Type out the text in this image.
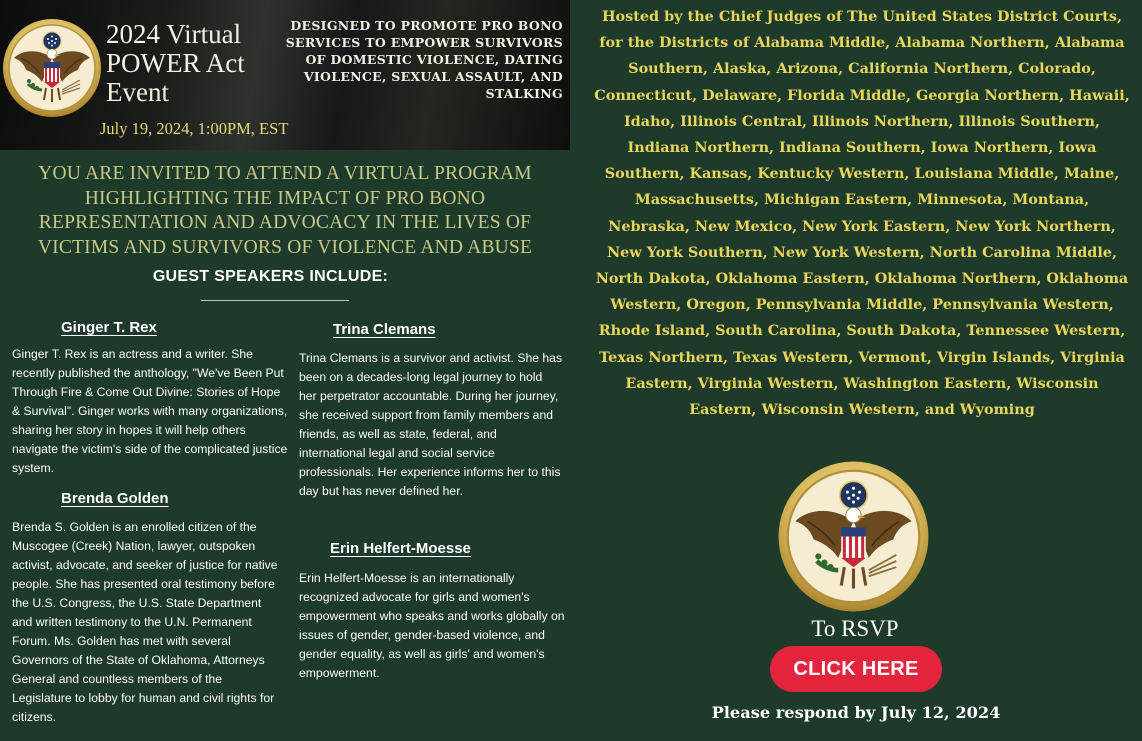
2024 Virtual POWER Act Event
July 19, 2024, 1:00PM, EST
DESIGNED TO PROMOTE PRO BONO SERVICES TO EMPOWER SURVIVORS OF DOMESTIC VIOLENCE, DATING VIOLENCE, SEXUAL ASSAULT, AND STALKING
YOU ARE INVITED TO ATTEND A VIRTUAL PROGRAM HIGHLIGHTING THE IMPACT OF PRO BONO REPRESENTATION AND ADVOCACY IN THE LIVES OF VICTIMS AND SURVIVORS OF VIOLENCE AND ABUSE
GUEST SPEAKERS INCLUDE:
Ginger T. Rex
Ginger T. Rex is an actress and a writer. She recently published the anthology, "We've Been Put Through Fire & Come Out Divine: Stories of Hope & Survival". Ginger works with many organizations, sharing her story in hopes it will help others navigate the victim's side of the complicated justice system.
Brenda Golden
Brenda S. Golden is an enrolled citizen of the Muscogee (Creek) Nation, lawyer, outspoken activist, advocate, and seeker of justice for native people. She has presented oral testimony before the U.S. Congress, the U.S. State Department and written testimony to the U.N. Permanent Forum. Ms. Golden has met with several Governors of the State of Oklahoma, Attorneys General and countless members of the Legislature to lobby for human and civil rights for citizens.
Trina Clemans
Trina Clemans is a survivor and activist. She has been on a decades-long legal journey to hold her perpetrator accountable. During her journey, she received support from family members and friends, as well as state, federal, and international legal and social service professionals. Her experience informs her to this day but has never defined her.
Erin Helfert-Moesse
Erin Helfert-Moesse is an internationally recognized advocate for girls and women's empowerment who speaks and works globally on issues of gender, gender-based violence, and gender equality, as well as girls' and women's empowerment.
Hosted by the Chief Judges of The United States District Courts, for the Districts of Alabama Middle, Alabama Northern, Alabama Southern, Alaska, Arizona, California Northern, Colorado, Connecticut, Delaware, Florida Middle, Georgia Northern, Hawaii, Idaho, Illinois Central, Illinois Northern, Illinois Southern, Indiana Northern, Indiana Southern, Iowa Northern, Iowa Southern, Kansas, Kentucky Western, Louisiana Middle, Maine, Massachusetts, Michigan Eastern, Minnesota, Montana, Nebraska, New Mexico, New York Eastern, New York Northern, New York Southern, New York Western, North Carolina Middle, North Dakota, Oklahoma Eastern, Oklahoma Northern, Oklahoma Western, Oregon, Pennsylvania Middle, Pennsylvania Western, Rhode Island, South Carolina, South Dakota, Tennessee Western, Texas Northern, Texas Western, Vermont, Virgin Islands, Virginia Eastern, Virginia Western, Washington Eastern, Wisconsin Eastern, Wisconsin Western, and Wyoming
To RSVP
CLICK HERE
Please respond by July 12, 2024
